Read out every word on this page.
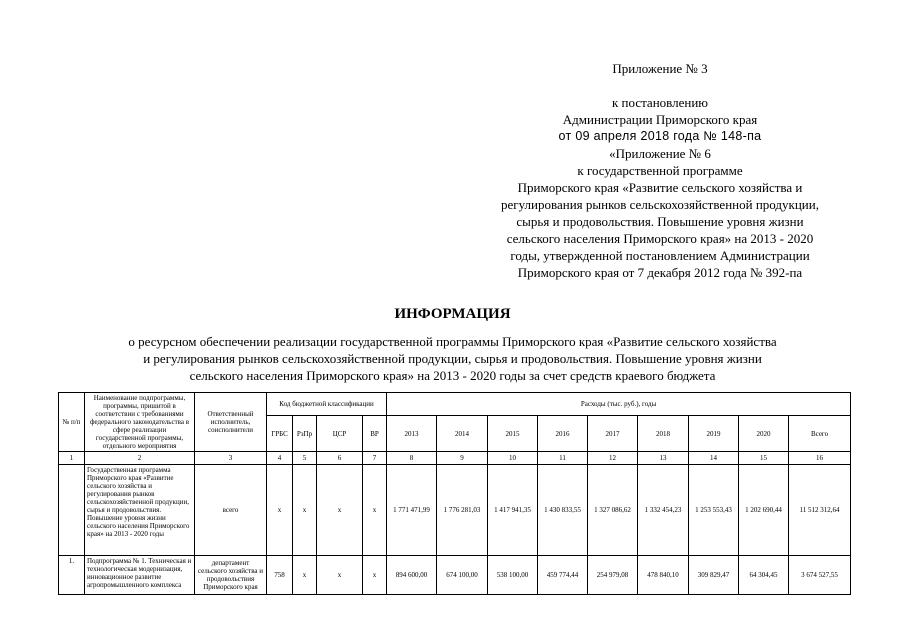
Приложение № 3
к постановлению
Администрации Приморского края
от 09 апреля 2018 года № 148-па
«Приложение № 6
к государственной программе
Приморского края «Развитие сельского хозяйства и
регулирования рынков сельскохозяйственной продукции,
сырья и продовольствия. Повышение уровня жизни
сельского населения Приморского края» на 2013 - 2020
годы, утвержденной постановлением Администрации
Приморского края от 7 декабря 2012 года № 392-па
ИНФОРМАЦИЯ
о ресурсном обеспечении реализации государственной программы Приморского края «Развитие сельского хозяйства
и регулирования рынков сельскохозяйственной продукции, сырья и продовольствия. Повышение уровня жизни
сельского населения Приморского края» на 2013 - 2020 годы за счет средств краевого бюджета
№ п/п	Наименование подпрограммы, программы, пришитой в соответствии с требованиями федерального законодательства в сфере реализации государственной программы, отдельного мероприятия	Ответственный исполнитель, соисполнители	Код бюджетной классификации				Расходы (тыс. руб.), годы								
			ГРБС	РзПр	ЦСР	ВР	2013	2014	2015	2016	2017	2018	2019	2020	Всего
1	2	3	4	5	6	7	8	9	10	11	12	13	14	15	16
	Государственная программа Приморского края «Развитие сельского хозяйства и регулирования рынков сельскохозяйственной продукции, сырья и продовольствия. Повышение уровня жизни сельского населения Приморского края» на 2013 - 2020 годы	всего	х	х	х	х	1 771 471,99	1 776 281,03	1 417 941,35	1 430 833,55	1 327 086,62	1 332 454,23	1 253 553,43	1 202 690,44	11 512 312,64
1.	Подпрограмма № 1. Техническая и технологическая модернизация, инновационное развитие агропромышленного комплекса	департамент сельского хозяйства и продовольствия Приморского края	758	х	х	х	894 600,00	674 100,00	538 100,00	459 774,44	254 979,08	478 840,10	309 829,47	64 304,45	3 674 527,55
